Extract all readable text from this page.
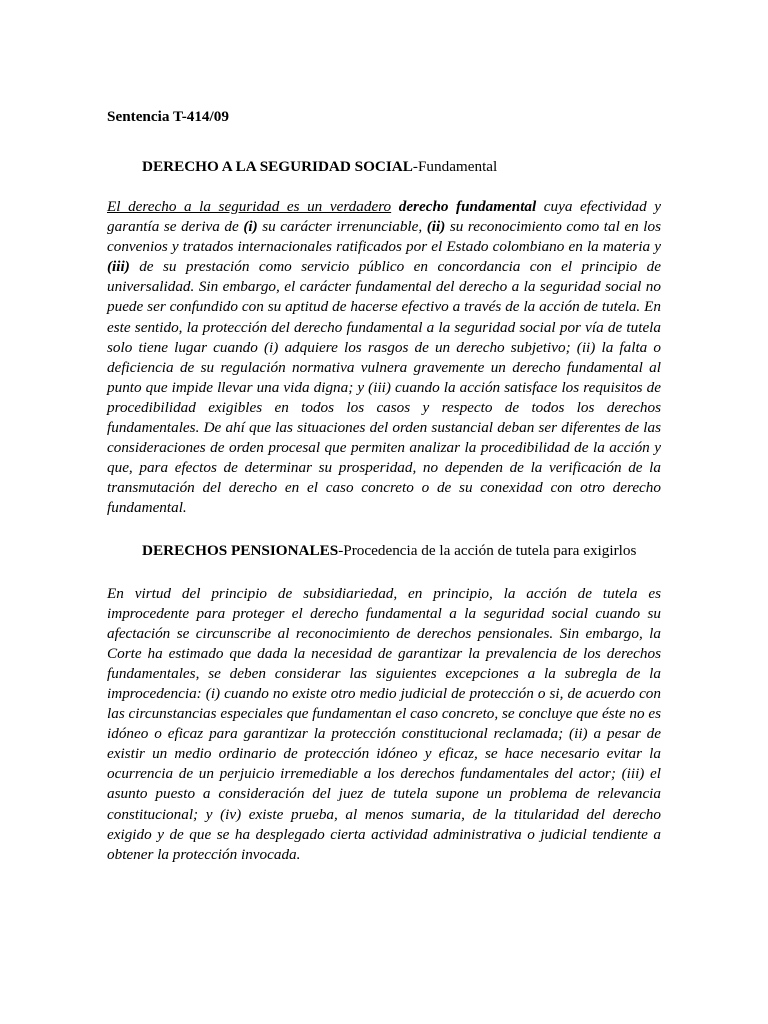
Sentencia T-414/09

DERECHO A LA SEGURIDAD SOCIAL-Fundamental

El derecho a la seguridad es un verdadero derecho fundamental cuya efectividad y garantía se deriva de (i) su carácter irrenunciable, (ii) su reconocimiento como tal en los convenios y tratados internacionales ratificados por el Estado colombiano en la materia y (iii) de su prestación como servicio público en concordancia con el principio de universalidad. Sin embargo, el carácter fundamental del derecho a la seguridad social no puede ser confundido con su aptitud de hacerse efectivo a través de la acción de tutela. En este sentido, la protección del derecho fundamental a la seguridad social por vía de tutela solo tiene lugar cuando (i) adquiere los rasgos de un derecho subjetivo; (ii) la falta o deficiencia de su regulación normativa vulnera gravemente un derecho fundamental al punto que impide llevar una vida digna; y (iii) cuando la acción satisface los requisitos de procedibilidad exigibles en todos los casos y respecto de todos los derechos fundamentales. De ahí que las situaciones del orden sustancial deban ser diferentes de las consideraciones de orden procesal que permiten analizar la procedibilidad de la acción y que, para efectos de determinar su prosperidad, no dependen de la verificación de la transmutación del derecho en el caso concreto o de su conexidad con otro derecho fundamental.

DERECHOS PENSIONALES-Procedencia de la acción de tutela para exigirlos

En virtud del principio de subsidiariedad, en principio, la acción de tutela es improcedente para proteger el derecho fundamental a la seguridad social cuando su afectación se circunscribe al reconocimiento de derechos pensionales. Sin embargo, la Corte ha estimado que dada la necesidad de garantizar la prevalencia de los derechos fundamentales, se deben considerar las siguientes excepciones a la subregla de la improcedencia: (i) cuando no existe otro medio judicial de protección o si, de acuerdo con las circunstancias especiales que fundamentan el caso concreto, se concluye que éste no es idóneo o eficaz para garantizar la protección constitucional reclamada; (ii) a pesar de existir un medio ordinario de protección idóneo y eficaz, se hace necesario evitar la ocurrencia de un perjuicio irremediable a los derechos fundamentales del actor; (iii) el asunto puesto a consideración del juez de tutela supone un problema de relevancia constitucional; y (iv) existe prueba, al menos sumaria, de la titularidad del derecho exigido y de que se ha desplegado cierta actividad administrativa o judicial tendiente a obtener la protección invocada.
